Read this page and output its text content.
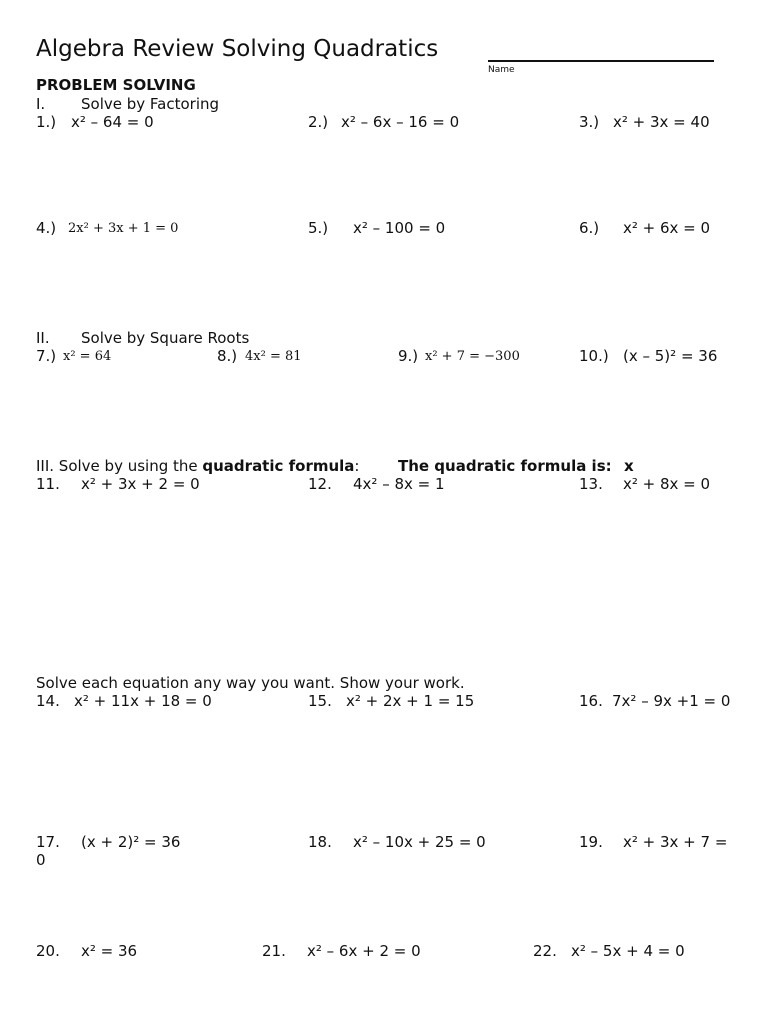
Algebra Review Solving Quadratics
Name
PROBLEM SOLVING
I. Solve by Factoring
1.) x² – 64 = 0	2.) x² – 6x – 16 = 0	3.) x² + 3x = 40
4.) 2x² + 3x + 1 = 0	5.) x² – 100 = 0	6.) x² + 6x = 0
II. Solve by Square Roots
7.) x² = 64	8.) 4x² = 81	9.) x² + 7 = −300	10.) (x – 5)² = 36
III. Solve by using the quadratic formula:	The quadratic formula is: x
11. x² + 3x + 2 = 0	12. 4x² – 8x = 1	13. x² + 8x = 0
Solve each equation any way you want. Show your work.
14. x² + 11x + 18 = 0	15. x² + 2x + 1 = 15	16. 7x² – 9x +1 = 0
17. (x + 2)² = 36	18. x² – 10x + 25 = 0	19. x² + 3x + 7 =
0
20. x² = 36	21. x² – 6x + 2 = 0	22. x² – 5x + 4 = 0
